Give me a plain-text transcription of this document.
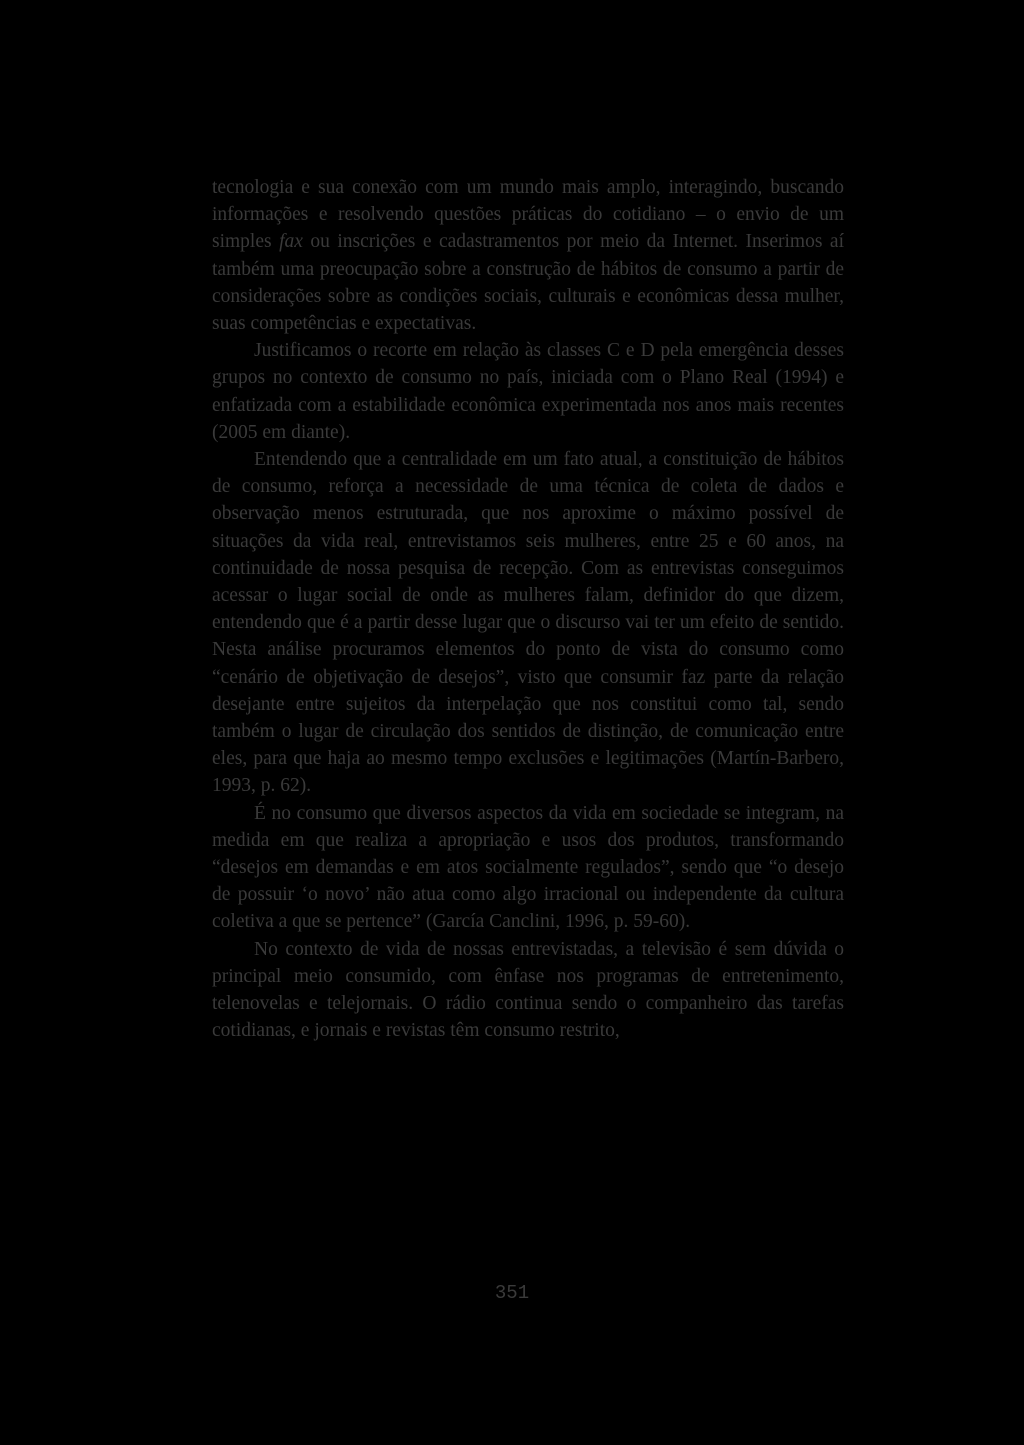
tecnologia e sua conexão com um mundo mais amplo, interagindo, buscando informações e resolvendo questões práticas do cotidiano – o envio de um simples fax ou inscrições e cadastramentos por meio da Internet. Inserimos aí também uma preocupação sobre a construção de hábitos de consumo a partir de considerações sobre as condições sociais, culturais e econômicas dessa mulher, suas competências e expectativas.

Justificamos o recorte em relação às classes C e D pela emergência desses grupos no contexto de consumo no país, iniciada com o Plano Real (1994) e enfatizada com a estabilidade econômica experimentada nos anos mais recentes (2005 em diante).

Entendendo que a centralidade em um fato atual, a constituição de hábitos de consumo, reforça a necessidade de uma técnica de coleta de dados e observação menos estruturada, que nos aproxime o máximo possível de situações da vida real, entrevistamos seis mulheres, entre 25 e 60 anos, na continuidade de nossa pesquisa de recepção. Com as entrevistas conseguimos acessar o lugar social de onde as mulheres falam, definidor do que dizem, entendendo que é a partir desse lugar que o discurso vai ter um efeito de sentido. Nesta análise procuramos elementos do ponto de vista do consumo como “cenário de objetivação de desejos”, visto que consumir faz parte da relação desejante entre sujeitos da interpelação que nos constitui como tal, sendo também o lugar de circulação dos sentidos de distinção, de comunicação entre eles, para que haja ao mesmo tempo exclusões e legitimações (Martín-Barbero, 1993, p. 62).

É no consumo que diversos aspectos da vida em sociedade se integram, na medida em que realiza a apropriação e usos dos produtos, transformando “desejos em demandas e em atos socialmente regulados”, sendo que “o desejo de possuir ‘o novo’ não atua como algo irracional ou independente da cultura coletiva a que se pertence” (García Canclini, 1996, p. 59-60).

No contexto de vida de nossas entrevistadas, a televisão é sem dúvida o principal meio consumido, com ênfase nos programas de entretenimento, telenovelas e telejornais. O rádio continua sendo o companheiro das tarefas cotidianas, e jornais e revistas têm consumo restrito,

351
